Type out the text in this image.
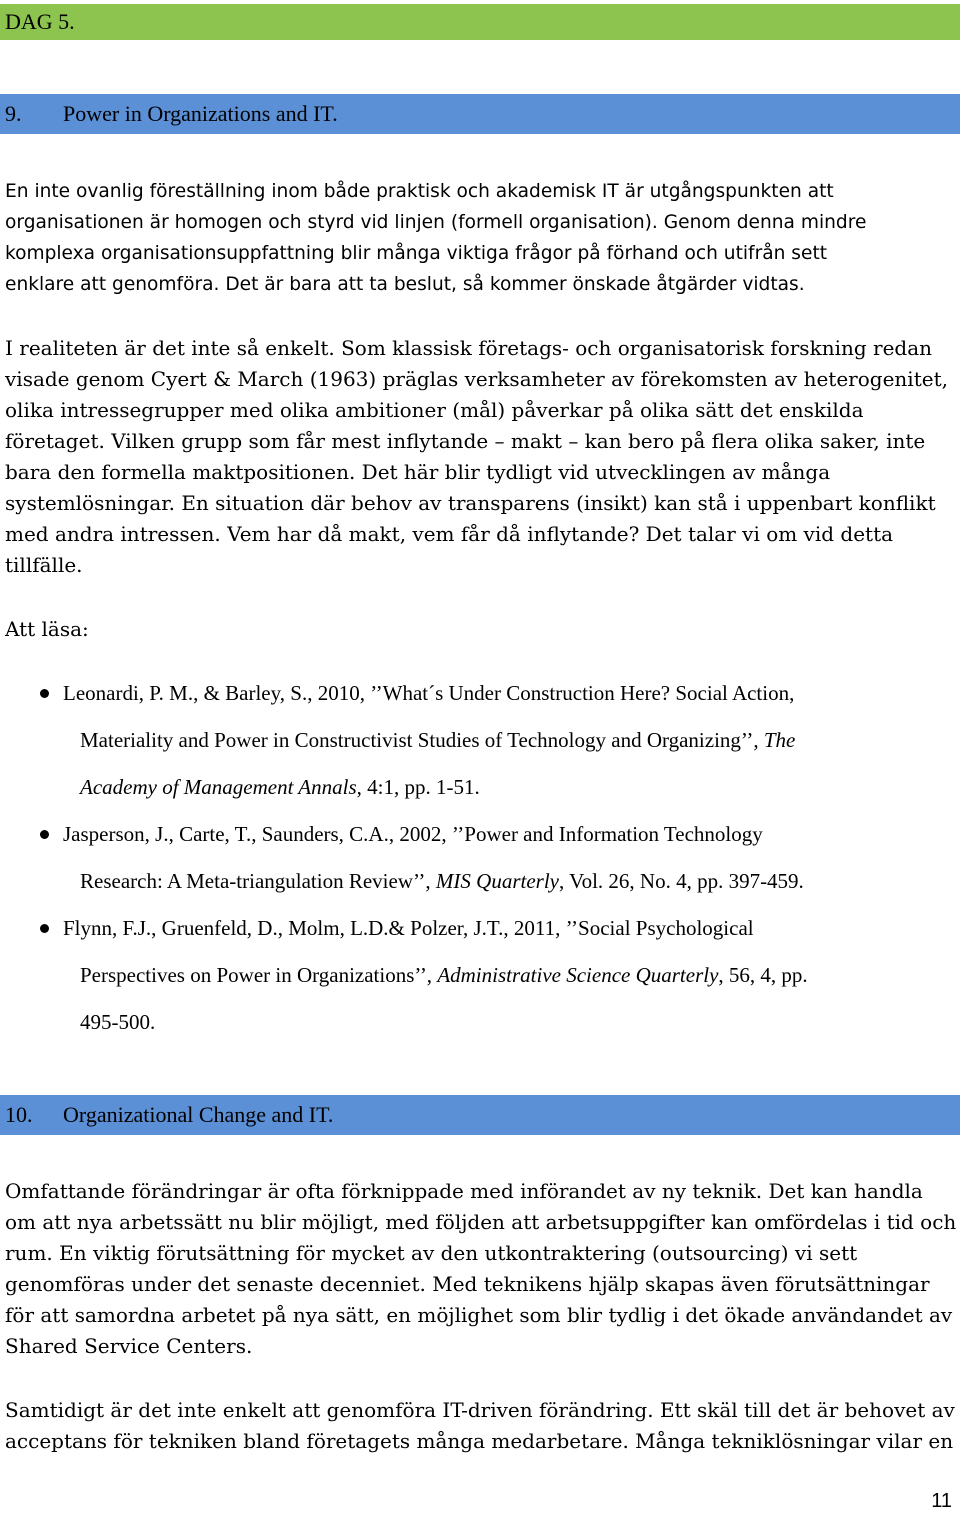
DAG 5.
9. Power in Organizations and IT.
En inte ovanlig föreställning inom både praktisk och akademisk IT är utgångspunkten att
organisationen är homogen och styrd vid linjen (formell organisation). Genom denna mindre
komplexa organisationsuppfattning blir många viktiga frågor på förhand och utifrån sett
enklare att genomföra. Det är bara att ta beslut, så kommer önskade åtgärder vidtas.
I realiteten är det inte så enkelt. Som klassisk företags- och organisatorisk forskning redan
visade genom Cyert & March (1963) präglas verksamheter av förekomsten av heterogenitet,
olika intressegrupper med olika ambitioner (mål) påverkar på olika sätt det enskilda
företaget. Vilken grupp som får mest inflytande – makt – kan bero på flera olika saker, inte
bara den formella maktpositionen. Det här blir tydligt vid utvecklingen av många
systemlösningar. En situation där behov av transparens (insikt) kan stå i uppenbart konflikt
med andra intressen. Vem har då makt, vem får då inflytande? Det talar vi om vid detta
tillfälle.
Att läsa:
Leonardi, P. M., & Barley, S., 2010, ’’What´s Under Construction Here? Social Action,
Materiality and Power in Constructivist Studies of Technology and Organizing’’, The
Academy of Management Annals, 4:1, pp. 1-51.
Jasperson, J., Carte, T., Saunders, C.A., 2002, ’’Power and Information Technology
Research: A Meta-triangulation Review’’, MIS Quarterly, Vol. 26, No. 4, pp. 397-459.
Flynn, F.J., Gruenfeld, D., Molm, L.D.& Polzer, J.T., 2011, ’’Social Psychological
Perspectives on Power in Organizations’’, Administrative Science Quarterly, 56, 4, pp.
495-500.
10. Organizational Change and IT.
Omfattande förändringar är ofta förknippade med införandet av ny teknik. Det kan handla
om att nya arbetssätt nu blir möjligt, med följden att arbetsuppgifter kan omfördelas i tid och
rum. En viktig förutsättning för mycket av den utkontraktering (outsourcing) vi sett
genomföras under det senaste decenniet. Med teknikens hjälp skapas även förutsättningar
för att samordna arbetet på nya sätt, en möjlighet som blir tydlig i det ökade användandet av
Shared Service Centers.
Samtidigt är det inte enkelt att genomföra IT-driven förändring. Ett skäl till det är behovet av
acceptans för tekniken bland företagets många medarbetare. Många tekniklösningar vilar en
11
